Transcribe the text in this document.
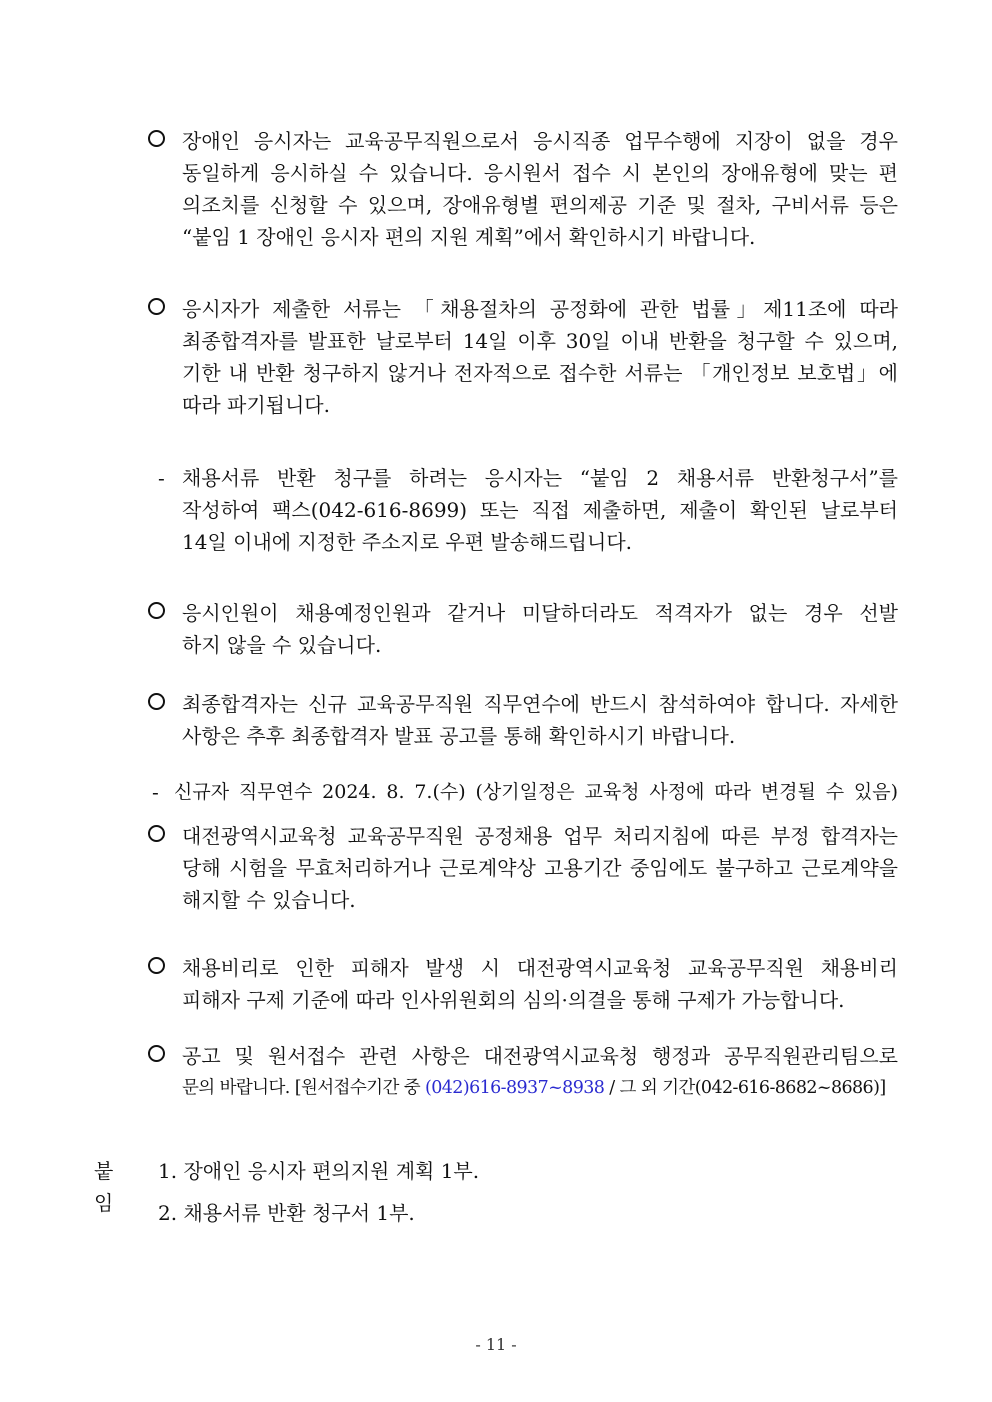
장애인 응시자는 교육공무직원으로서 응시직종 업무수행에 지장이 없을 경우
동일하게 응시하실 수 있습니다. 응시원서 접수 시 본인의 장애유형에 맞는 편
의조치를 신청할 수 있으며, 장애유형별 편의제공 기준 및 절차, 구비서류 등은
“붙임 1 장애인 응시자 편의 지원 계획”에서 확인하시기 바랍니다.
응시자가 제출한 서류는 「채용절차의 공정화에 관한 법률」제11조에 따라
최종합격자를 발표한 날로부터 14일 이후 30일 이내 반환을 청구할 수 있으며,
기한 내 반환 청구하지 않거나 전자적으로 접수한 서류는 「개인정보 보호법」에
따라 파기됩니다.
- 채용서류 반환 청구를 하려는 응시자는 “붙임 2 채용서류 반환청구서”를
작성하여 팩스(042-616-8699) 또는 직접 제출하면, 제출이 확인된 날로부터
14일 이내에 지정한 주소지로 우편 발송해드립니다.
응시인원이 채용예정인원과 같거나 미달하더라도 적격자가 없는 경우 선발
하지 않을 수 있습니다.
최종합격자는 신규 교육공무직원 직무연수에 반드시 참석하여야 합니다. 자세한
사항은 추후 최종합격자 발표 공고를 통해 확인하시기 바랍니다.
- 신규자 직무연수 2024. 8. 7.(수) (상기일정은 교육청 사정에 따라 변경될 수 있음)
대전광역시교육청 교육공무직원 공정채용 업무 처리지침에 따른 부정 합격자는
당해 시험을 무효처리하거나 근로계약상 고용기간 중임에도 불구하고 근로계약을
해지할 수 있습니다.
채용비리로 인한 피해자 발생 시 대전광역시교육청 교육공무직원 채용비리
피해자 구제 기준에 따라 인사위원회의 심의·의결을 통해 구제가 가능합니다.
공고 및 원서접수 관련 사항은 대전광역시교육청 행정과 공무직원관리팀으로
문의 바랍니다. [원서접수기간 중 (042)616-8937~8938 / 그 외 기간(042-616-8682~8686)]
붙임
1. 장애인 응시자 편의지원 계획 1부.
2. 채용서류 반환 청구서 1부.
- 11 -
